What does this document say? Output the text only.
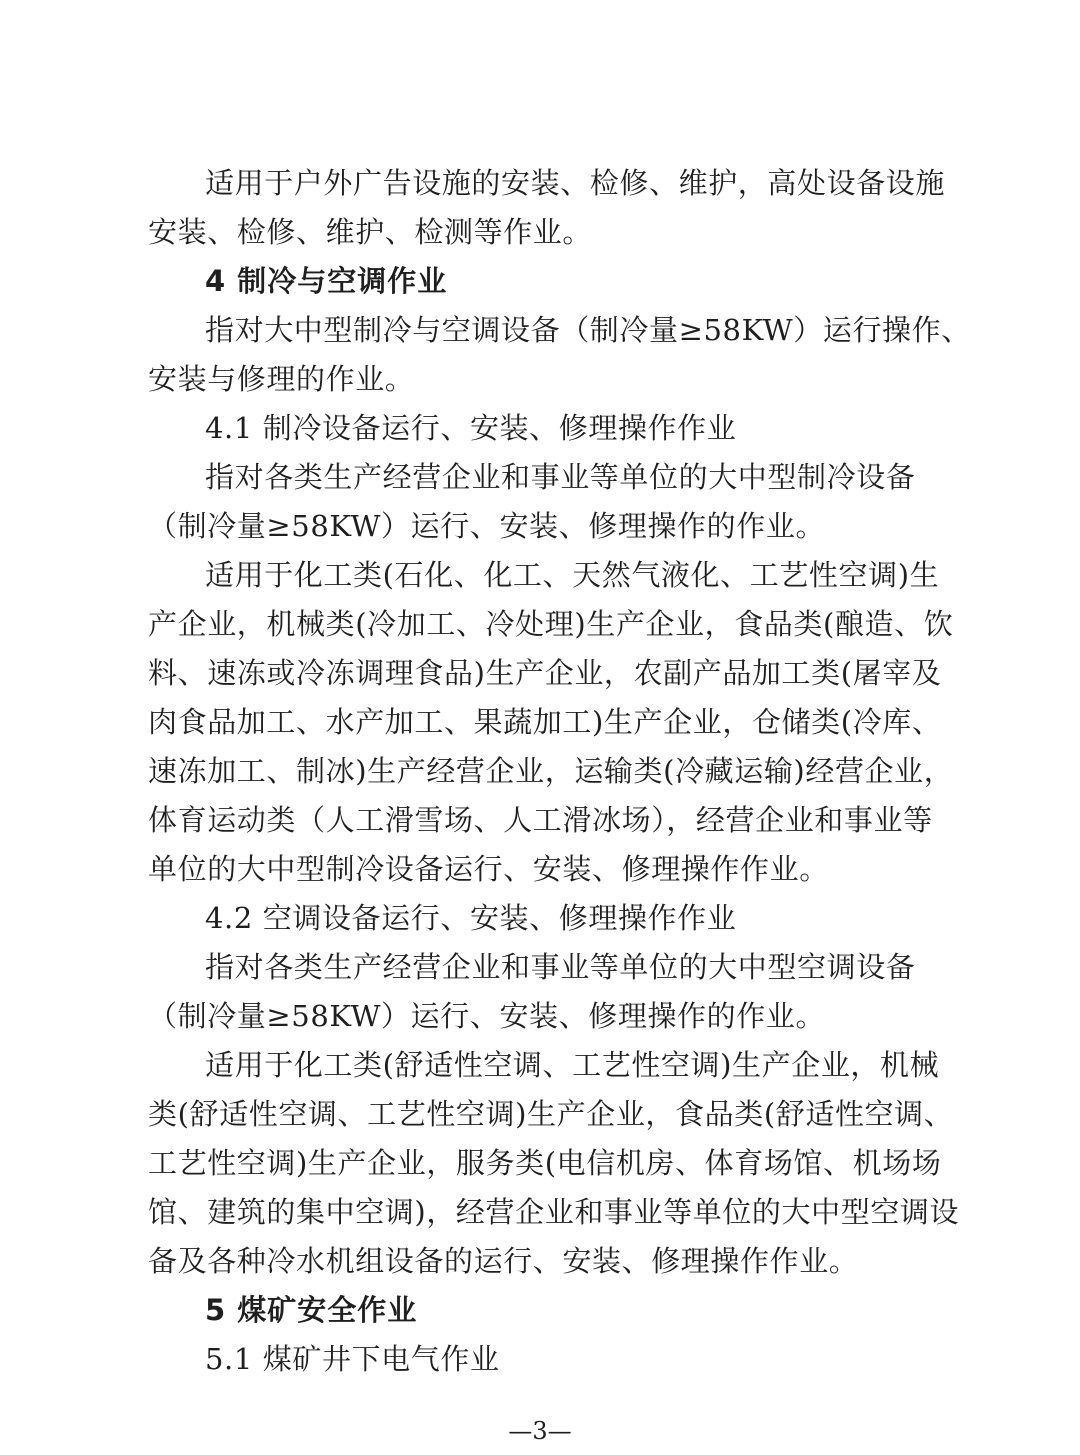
适用于户外广告设施的安装、检修、维护，高处设备设施
安装、检修、维护、检测等作业。
4 制冷与空调作业
指对大中型制冷与空调设备（制冷量≥58KW）运行操作、
安装与修理的作业。
4.1 制冷设备运行、安装、修理操作作业
指对各类生产经营企业和事业等单位的大中型制冷设备
（制冷量≥58KW）运行、安装、修理操作的作业。
适用于化工类(石化、化工、天然气液化、工艺性空调)生
产企业，机械类(冷加工、冷处理)生产企业，食品类(酿造、饮
料、速冻或冷冻调理食品)生产企业，农副产品加工类(屠宰及
肉食品加工、水产加工、果蔬加工)生产企业，仓储类(冷库、
速冻加工、制冰)生产经营企业，运输类(冷藏运输)经营企业，
体育运动类（人工滑雪场、人工滑冰场），经营企业和事业等
单位的大中型制冷设备运行、安装、修理操作作业。
4.2 空调设备运行、安装、修理操作作业
指对各类生产经营企业和事业等单位的大中型空调设备
（制冷量≥58KW）运行、安装、修理操作的作业。
适用于化工类(舒适性空调、工艺性空调)生产企业，机械
类(舒适性空调、工艺性空调)生产企业，食品类(舒适性空调、
工艺性空调)生产企业，服务类(电信机房、体育场馆、机场场
馆、建筑的集中空调)，经营企业和事业等单位的大中型空调设
备及各种冷水机组设备的运行、安装、修理操作作业。
5 煤矿安全作业
5.1 煤矿井下电气作业
—3—
